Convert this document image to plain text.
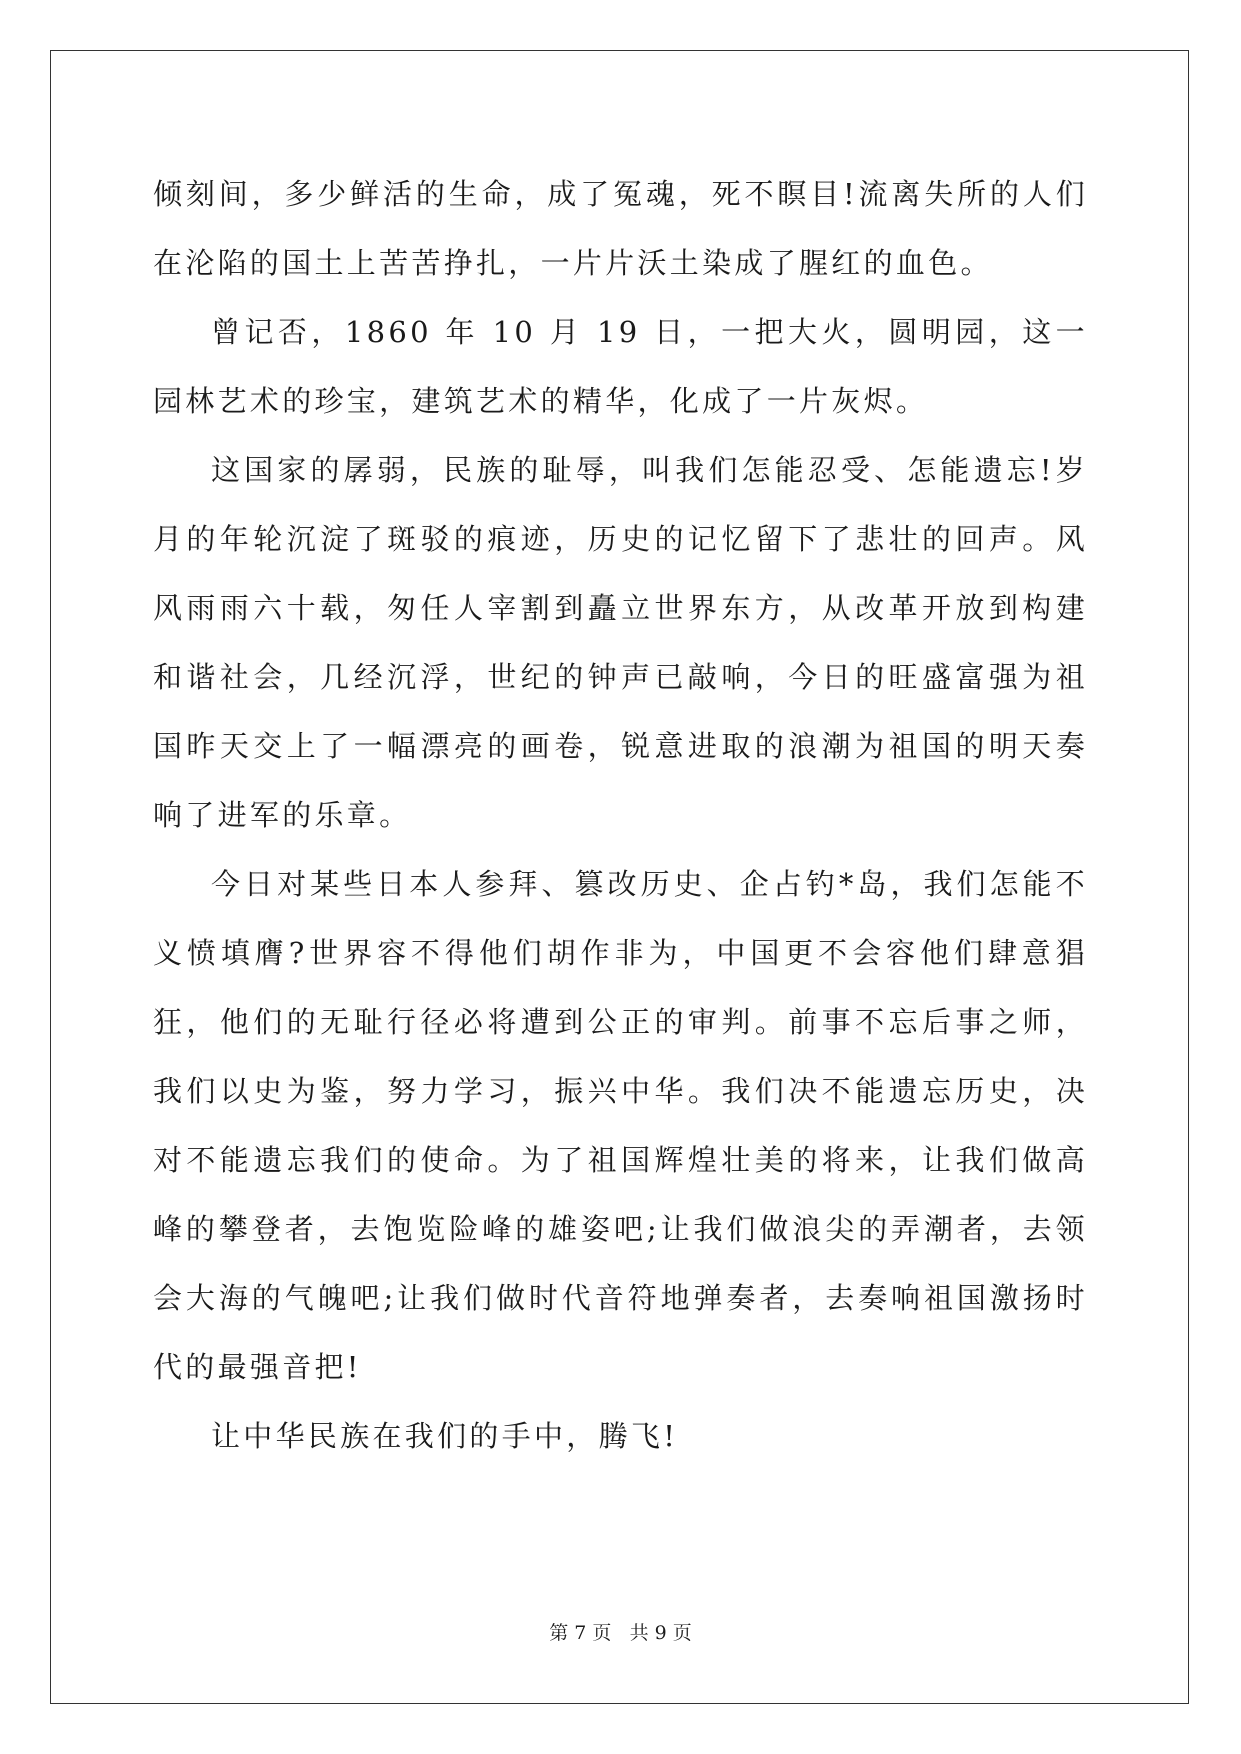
倾刻间，多少鲜活的生命，成了冤魂，死不瞑目!流离失所的人们在沦陷的国土上苦苦挣扎，一片片沃土染成了腥红的血色。

曾记否，1860 年 10 月 19 日，一把大火，圆明园，这一园林艺术的珍宝，建筑艺术的精华，化成了一片灰烬。

这国家的孱弱，民族的耻辱，叫我们怎能忍受、怎能遗忘!岁月的年轮沉淀了斑驳的痕迹，历史的记忆留下了悲壮的回声。风风雨雨六十载，匆任人宰割到矗立世界东方，从改革开放到构建和谐社会，几经沉浮，世纪的钟声已敲响，今日的旺盛富强为祖国昨天交上了一幅漂亮的画卷，锐意进取的浪潮为祖国的明天奏响了进军的乐章。

今日对某些日本人参拜、篡改历史、企占钓*岛，我们怎能不义愤填膺?世界容不得他们胡作非为，中国更不会容他们肆意猖狂，他们的无耻行径必将遭到公正的审判。前事不忘后事之师，我们以史为鉴，努力学习，振兴中华。我们决不能遗忘历史，决对不能遗忘我们的使命。为了祖国辉煌壮美的将来，让我们做高峰的攀登者，去饱览险峰的雄姿吧;让我们做浪尖的弄潮者，去领会大海的气魄吧;让我们做时代音符地弹奏者，去奏响祖国激扬时代的最强音把!

让中华民族在我们的手中，腾飞!

第 7 页 共 9 页
